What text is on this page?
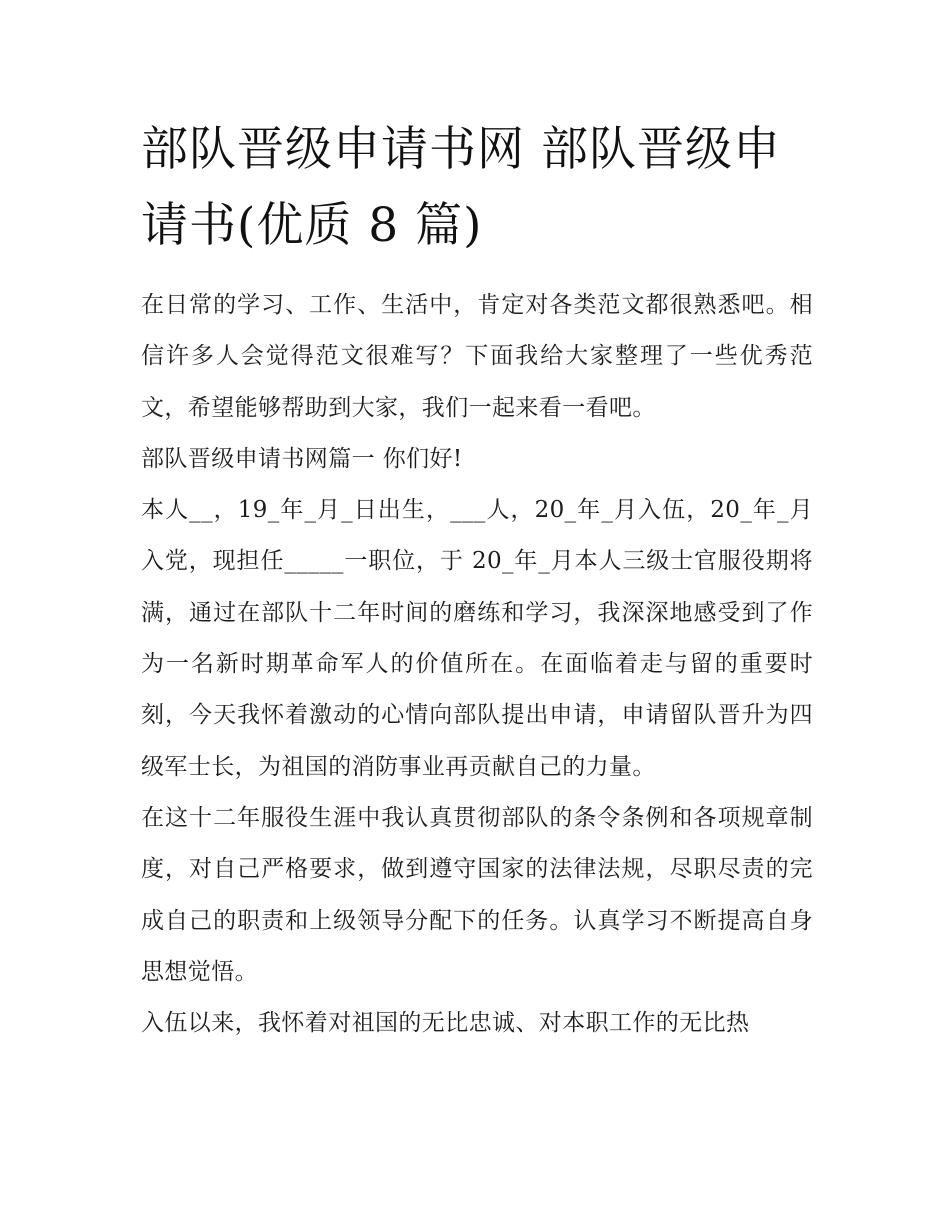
部队晋级申请书网 部队晋级申请书(优质 8 篇)

在日常的学习、工作、生活中，肯定对各类范文都很熟悉吧。相信许多人会觉得范文很难写？下面我给大家整理了一些优秀范文，希望能够帮助到大家，我们一起来看一看吧。

部队晋级申请书网篇一 你们好!

本人__，19_年_月_日出生，___人，20_年_月入伍，20_年_月入党，现担任_____一职位，于 20_年_月本人三级士官服役期将满，通过在部队十二年时间的磨练和学习，我深深地感受到了作为一名新时期革命军人的价值所在。在面临着走与留的重要时刻，今天我怀着激动的心情向部队提出申请，申请留队晋升为四级军士长，为祖国的消防事业再贡献自己的力量。

在这十二年服役生涯中我认真贯彻部队的条令条例和各项规章制度，对自己严格要求，做到遵守国家的法律法规，尽职尽责的完成自己的职责和上级领导分配下的任务。认真学习不断提高自身思想觉悟。

入伍以来，我怀着对祖国的无比忠诚、对本职工作的无比热
